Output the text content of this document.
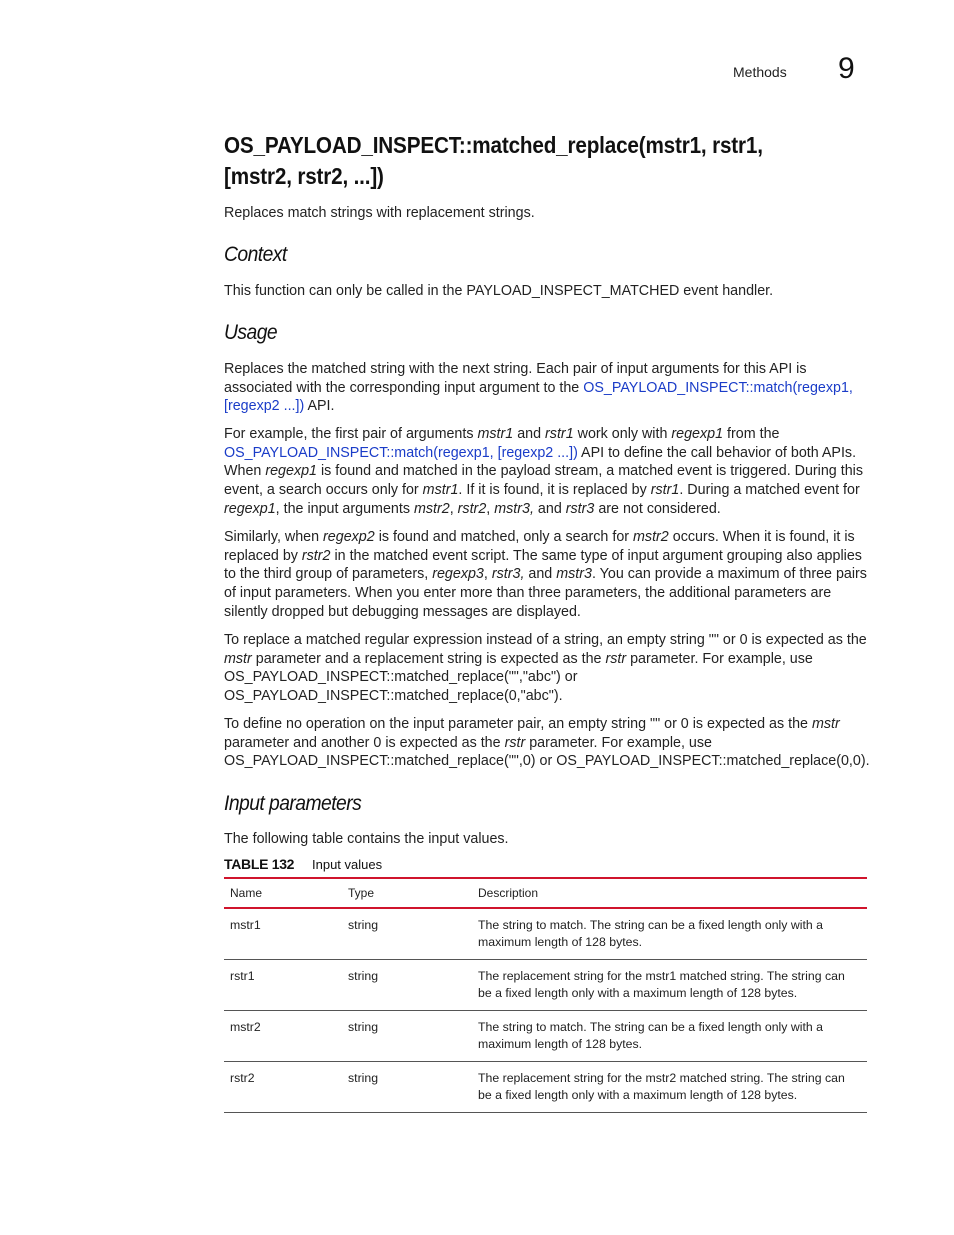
Methods 9
OS_PAYLOAD_INSPECT::matched_replace(mstr1, rstr1, [mstr2, rstr2, ...])
Replaces match strings with replacement strings.
Context
This function can only be called in the PAYLOAD_INSPECT_MATCHED event handler.
Usage
Replaces the matched string with the next string. Each pair of input arguments for this API is associated with the corresponding input argument to the OS_PAYLOAD_INSPECT::match(regexp1, [regexp2 ...]) API.
For example, the first pair of arguments mstr1 and rstr1 work only with regexp1 from the OS_PAYLOAD_INSPECT::match(regexp1, [regexp2 ...]) API to define the call behavior of both APIs. When regexp1 is found and matched in the payload stream, a matched event is triggered. During this event, a search occurs only for mstr1. If it is found, it is replaced by rstr1. During a matched event for regexp1, the input arguments mstr2, rstr2, mstr3, and rstr3 are not considered.
Similarly, when regexp2 is found and matched, only a search for mstr2 occurs. When it is found, it is replaced by rstr2 in the matched event script. The same type of input argument grouping also applies to the third group of parameters, regexp3, rstr3, and mstr3. You can provide a maximum of three pairs of input parameters. When you enter more than three parameters, the additional parameters are silently dropped but debugging messages are displayed.
To replace a matched regular expression instead of a string, an empty string "" or 0 is expected as the mstr parameter and a replacement string is expected as the rstr parameter. For example, use OS_PAYLOAD_INSPECT::matched_replace("","abc") or OS_PAYLOAD_INSPECT::matched_replace(0,"abc").
To define no operation on the input parameter pair, an empty string "" or 0 is expected as the mstr parameter and another 0 is expected as the rstr parameter. For example, use OS_PAYLOAD_INSPECT::matched_replace("",0) or OS_PAYLOAD_INSPECT::matched_replace(0,0).
Input parameters
The following table contains the input values.
TABLE 132 Input values
Name	Type	Description
mstr1	string	The string to match. The string can be a fixed length only with a maximum length of 128 bytes.
rstr1	string	The replacement string for the mstr1 matched string. The string can be a fixed length only with a maximum length of 128 bytes.
mstr2	string	The string to match. The string can be a fixed length only with a maximum length of 128 bytes.
rstr2	string	The replacement string for the mstr2 matched string. The string can be a fixed length only with a maximum length of 128 bytes.
